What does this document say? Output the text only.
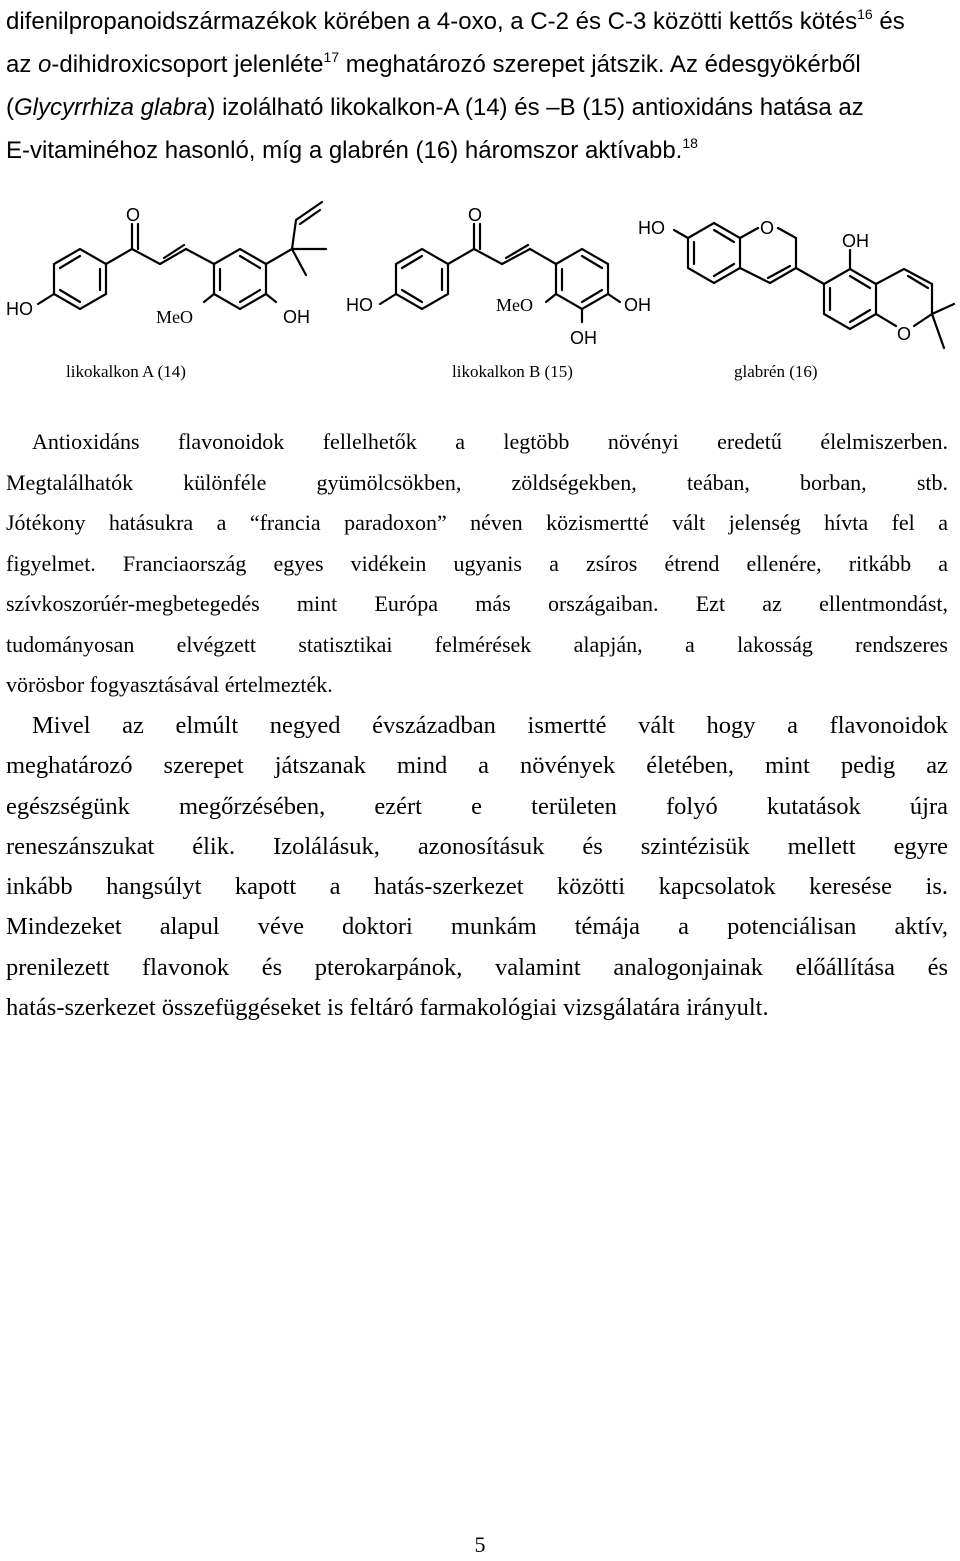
difenilpropanoidszármazékok körében a 4-oxo, a C-2 és C-3 közötti kettős kötés$^{16}$ és
az o-dihidroxicsoport jelenléte$^{17}$ meghatározó szerepet játszik. Az édesgyökérből
(Glycyrrhiza glabra) izolálható likokalkon-A (14) és –B (15) antioxidáns hatása az
E-vitaminéhoz hasonló, míg a glabrén (16) háromszor aktívabb.$^{18}$
O
HO	MeO	OH
O
HO	MeO	OH
OH
HO	O
OH
O
likokalkon A (14)	likokalkon B (15)	glabrén (16)
Antioxidáns flavonoidok fellelhetők a legtöbb növényi eredetű élelmiszerben.
Megtalálhatók különféle gyümölcsökben, zöldségekben, teában, borban, stb.
Jótékony hatásukra a “francia paradoxon” néven közismertté vált jelenség hívta fel a
figyelmet. Franciaország egyes vidékein ugyanis a zsíros étrend ellenére, ritkább a
szívkoszorúér-megbetegedés mint Európa más országaiban. Ezt az ellentmondást,
tudományosan elvégzett statisztikai felmérések alapján, a lakosság rendszeres
vörösbor fogyasztásával értelmezték.
Mivel az elmúlt negyed évszázadban ismertté vált hogy a flavonoidok
meghatározó szerepet játszanak mind a növények életében, mint pedig az
egészségünk megőrzésében, ezért e területen folyó kutatások újra
reneszánszukat élik. Izolálásuk, azonosításuk és szintézisük mellett egyre
inkább hangsúlyt kapott a hatás-szerkezet közötti kapcsolatok keresése is.
Mindezeket alapul véve doktori munkám témája a potenciálisan aktív,
prenilezett flavonok és pterokarpánok, valamint analogonjainak előállítása és
hatás-szerkezet összefüggéseket is feltáró farmakológiai vizsgálatára irányult.
5
